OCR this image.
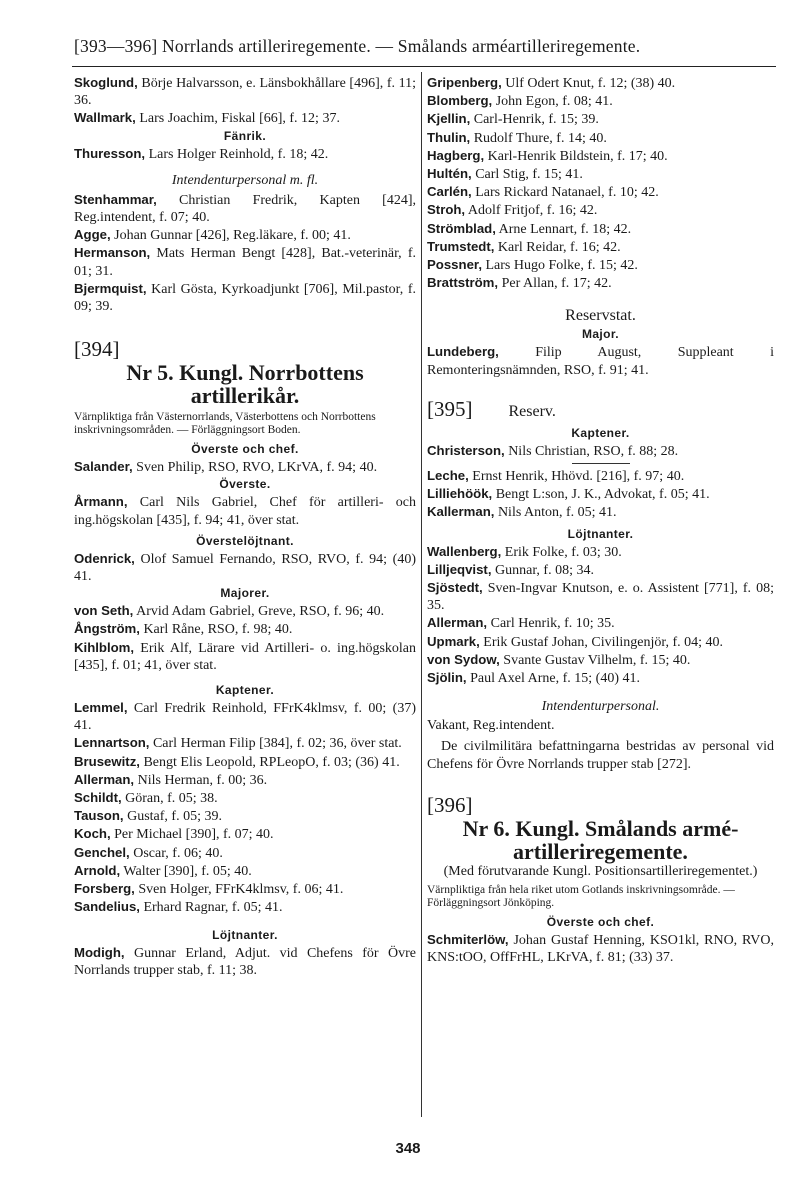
[393—396] Norrlands artilleriregemente. — Smålands arméartilleriregemente.
Skoglund, Börje Halvarsson, e. Länsbokhållare [496], f. 11; 36.
Wallmark, Lars Joachim, Fiskal [66], f. 12; 37.
Fänrik.
Thuresson, Lars Holger Reinhold, f. 18; 42.
Intendenturpersonal m. fl.
Stenhammar, Christian Fredrik, Kapten [424], Reg.intendent, f. 07; 40.
Agge, Johan Gunnar [426], Reg.läkare, f. 00; 41.
Hermanson, Mats Herman Bengt [428], Bat.-veterinär, f. 01; 31.
Bjermquist, Karl Gösta, Kyrkoadjunkt [706], Mil.pastor, f. 09; 39.
[394]
Nr 5. Kungl. Norrbottens
artillerikår.
Värnpliktiga från Västernorrlands, Västerbottens och Norrbottens inskrivningsområden. — Förläggningsort Boden.
Överste och chef.
Salander, Sven Philip, RSO, RVO, LKrVA, f. 94; 40.
Överste.
Årmann, Carl Nils Gabriel, Chef för artilleri- och ing.högskolan [435], f. 94; 41, över stat.
Överstelöjtnant.
Odenrick, Olof Samuel Fernando, RSO, RVO, f. 94; (40) 41.
Majorer.
von Seth, Arvid Adam Gabriel, Greve, RSO, f. 96; 40.
Ångström, Karl Råne, RSO, f. 98; 40.
Kihlblom, Erik Alf, Lärare vid Artilleri- o. ing.högskolan [435], f. 01; 41, över stat.
Kaptener.
Lemmel, Carl Fredrik Reinhold, FFrK4klmsv, f. 00; (37) 41.
Lennartson, Carl Herman Filip [384], f. 02; 36, över stat.
Brusewitz, Bengt Elis Leopold, RPLeopO, f. 03; (36) 41.
Allerman, Nils Herman, f. 00; 36.
Schildt, Göran, f. 05; 38.
Tauson, Gustaf, f. 05; 39.
Koch, Per Michael [390], f. 07; 40.
Genchel, Oscar, f. 06; 40.
Arnold, Walter [390], f. 05; 40.
Forsberg, Sven Holger, FFrK4klmsv, f. 06; 41.
Sandelius, Erhard Ragnar, f. 05; 41.
Löjtnanter.
Modigh, Gunnar Erland, Adjut. vid Chefens för Övre Norrlands trupper stab, f. 11; 38.
Gripenberg, Ulf Odert Knut, f. 12; (38) 40.
Blomberg, John Egon, f. 08; 41.
Kjellin, Carl-Henrik, f. 15; 39.
Thulin, Rudolf Thure, f. 14; 40.
Hagberg, Karl-Henrik Bildstein, f. 17; 40.
Hultén, Carl Stig, f. 15; 41.
Carlén, Lars Rickard Natanael, f. 10; 42.
Stroh, Adolf Fritjof, f. 16; 42.
Strömblad, Arne Lennart, f. 18; 42.
Trumstedt, Karl Reidar, f. 16; 42.
Possner, Lars Hugo Folke, f. 15; 42.
Brattström, Per Allan, f. 17; 42.
Reservstat.
Major.
Lundeberg, Filip August, Suppleant i Remonteringsnämnden, RSO, f. 91; 41.
[395] Reserv.
Kaptener.
Christerson, Nils Christian, RSO, f. 88; 28.
Leche, Ernst Henrik, Hhövd. [216], f. 97; 40.
Lilliehöök, Bengt L:son, J. K., Advokat, f. 05; 41.
Kallerman, Nils Anton, f. 05; 41.
Löjtnanter.
Wallenberg, Erik Folke, f. 03; 30.
Lilljeqvist, Gunnar, f. 08; 34.
Sjöstedt, Sven-Ingvar Knutson, e. o. Assistent [771], f. 08; 35.
Allerman, Carl Henrik, f. 10; 35.
Upmark, Erik Gustaf Johan, Civilingenjör, f. 04; 40.
von Sydow, Svante Gustav Vilhelm, f. 15; 40.
Sjölin, Paul Axel Arne, f. 15; (40) 41.
Intendenturpersonal.
Vakant, Reg.intendent.
De civilmilitära befattningarna bestridas av personal vid Chefens för Övre Norrlands trupper stab [272].
[396]
Nr 6. Kungl. Smålands armé-
artilleriregemente.
(Med förutvarande Kungl. Positionsartilleriregementet.)
Värnpliktiga från hela riket utom Gotlands inskrivningsområde. — Förläggningsort Jönköping.
Överste och chef.
Schmiterlöw, Johan Gustaf Henning, KSO1kl, RNO, RVO, KNS:tOO, OffFrHL, LKrVA, f. 81; (33) 37.
348
